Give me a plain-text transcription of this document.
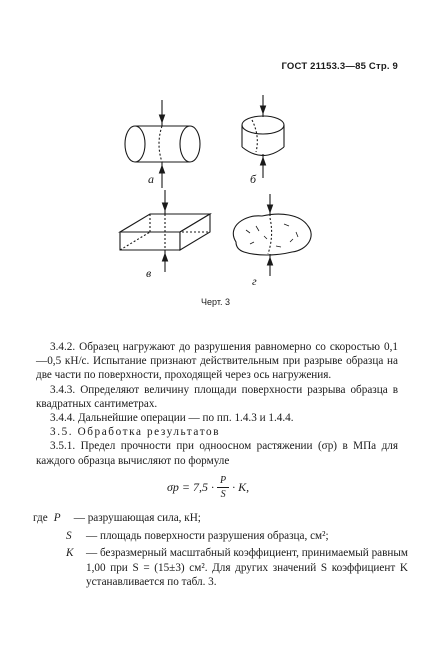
ГОСТ 21153.3—85 Стр. 9
а	б
в
г
Черт. 3

3.4.2. Образец нагружают до разрушения равномерно со скоростью 0,1—0,5 кН/с. Испытание признают действительным при разрыве образца на две части по поверхности, проходящей через ось нагружения.

3.4.3. Определяют величину площади поверхности разрыва образца в квадратных сантиметрах.

3.4.4. Дальнейшие операции — по пп. 1.4.3 и 1.4.4.

3.5. Обработка результатов

3.5.1. Предел прочности при одноосном растяжении (σр) в МПа для каждого образца вычисляют по формуле

$\sigma р = 7,5 \cdot \frac{P}{S} \cdot K$,
где P	— разрушающая сила, кН;
S	— площадь поверхности разрушения образца, см²;
K	— безразмерный масштабный коэффициент, принимаемый равным 1,00 при S = (15±3) см². Для других значений S коэффициент K устанавливается по табл. 3.
